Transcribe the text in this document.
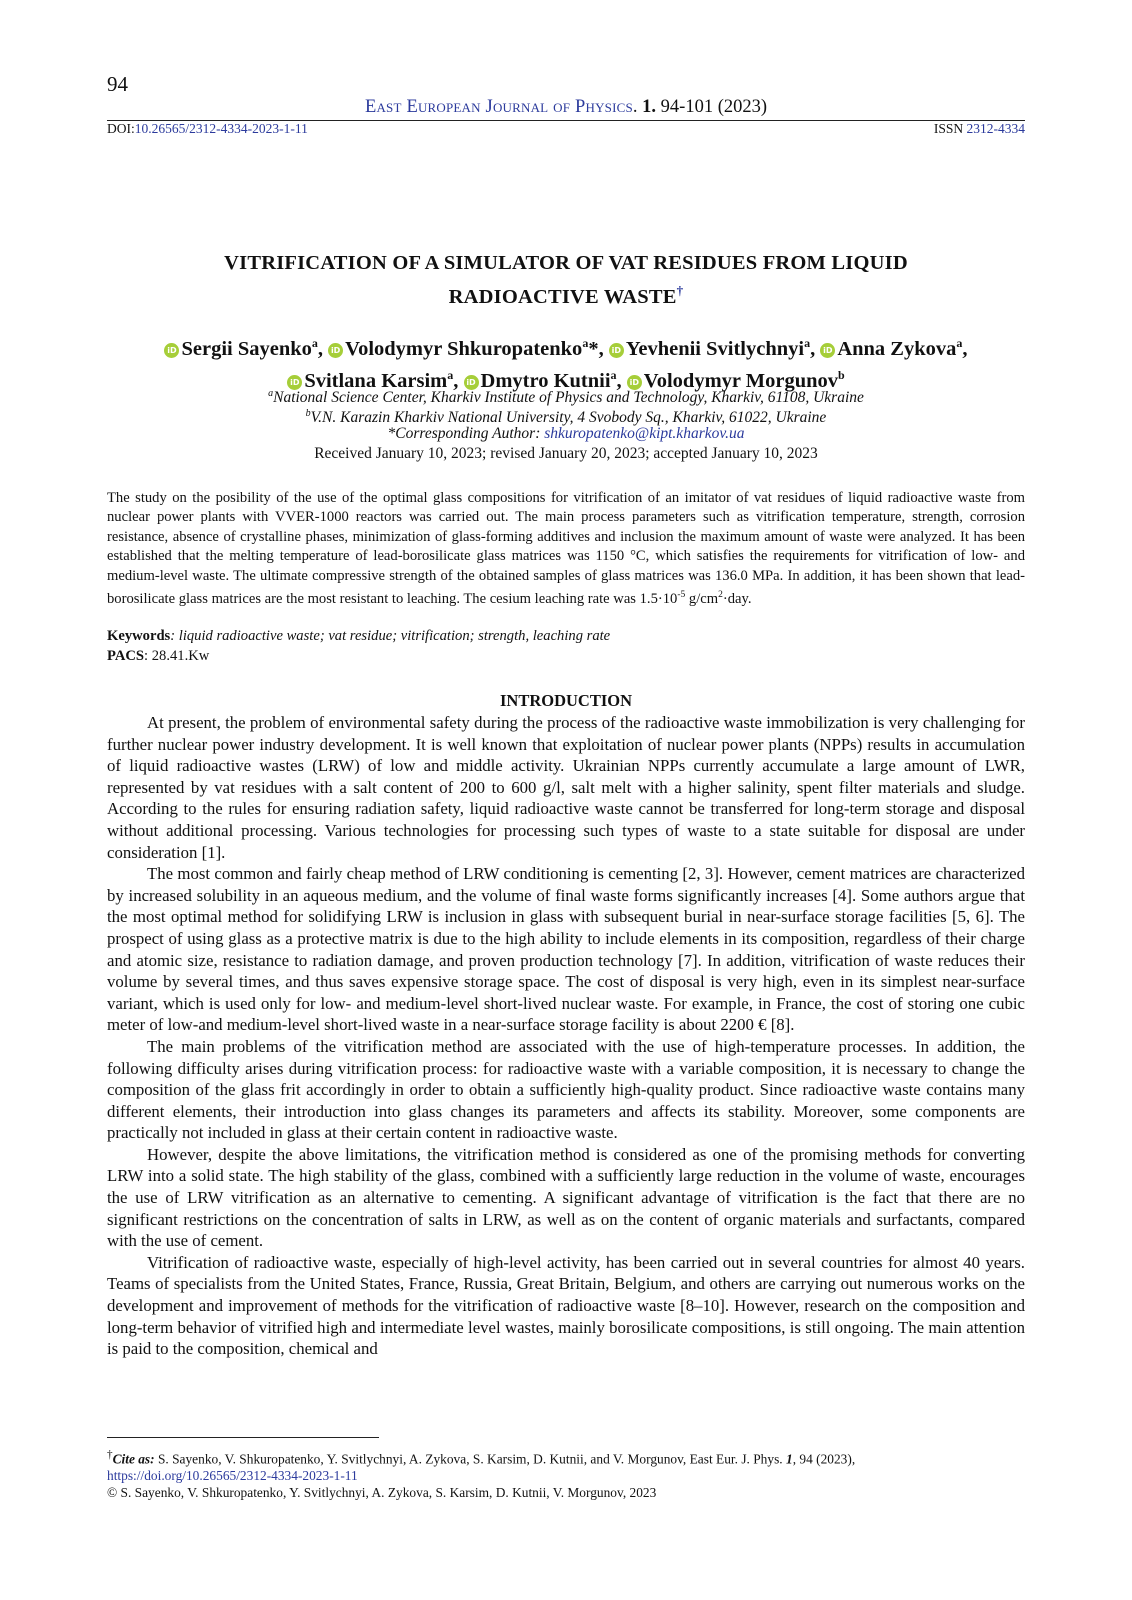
94
East European Journal of Physics. 1. 94-101 (2023)
DOI:10.26565/2312-4334-2023-1-11	ISSN 2312-4334
VITRIFICATION OF A SIMULATOR OF VAT RESIDUES FROM LIQUID
RADIOACTIVE WASTE†
iD Sergii Sayenko$^a$, iD Volodymyr Shkuropatenko$^a$*, iD Yevhenii Svitlychnyi$^a$, iD Anna Zykova$^a$,
iD Svitlana Karsim$^a$, iD Dmytro Kutnii$^a$, iD Volodymyr Morgunov$^b$
$^a$National Science Center, Kharkiv Institute of Physics and Technology, Kharkiv, 61108, Ukraine
$^b$V.N. Karazin Kharkiv National University, 4 Svobody Sq., Kharkiv, 61022, Ukraine
*Corresponding Author: shkuropatenko@kipt.kharkov.ua
Received January 10, 2023; revised January 20, 2023; accepted January 10, 2023

The study on the posibility of the use of the optimal glass compositions for vitrification of an imitator of vat residues of liquid radioactive waste from nuclear power plants with VVER-1000 reactors was carried out. The main process parameters such as vitrification temperature, strength, corrosion resistance, absence of crystalline phases, minimization of glass-forming additives and inclusion the maximum amount of waste were analyzed. It has been established that the melting temperature of lead-borosilicate glass matrices was 1150 °C, which satisfies the requirements for vitrification of low- and medium-level waste. The ultimate compressive strength of the obtained samples of glass matrices was 136.0 MPa. In addition, it has been shown that lead-borosilicate glass matrices are the most resistant to leaching. The cesium leaching rate was $1.5\cdot 10^{-5}$ $g/cm^2\cdot day$.

Keywords: liquid radioactive waste; vat residue; vitrification; strength, leaching rate
PACS: 28.41.Kw
INTRODUCTION

At present, the problem of environmental safety during the process of the radioactive waste immobilization is very challenging for further nuclear power industry development. It is well known that exploitation of nuclear power plants (NPPs) results in accumulation of liquid radioactive wastes (LRW) of low and middle activity. Ukrainian NPPs currently accumulate a large amount of LWR, represented by vat residues with a salt content of 200 to 600 g/l, salt melt with a higher salinity, spent filter materials and sludge. According to the rules for ensuring radiation safety, liquid radioactive waste cannot be transferred for long-term storage and disposal without additional processing. Various technologies for processing such types of waste to a state suitable for disposal are under consideration [1].

The most common and fairly cheap method of LRW conditioning is cementing [2, 3]. However, cement matrices are characterized by increased solubility in an aqueous medium, and the volume of final waste forms significantly increases [4]. Some authors argue that the most optimal method for solidifying LRW is inclusion in glass with subsequent burial in near-surface storage facilities [5, 6]. The prospect of using glass as a protective matrix is due to the high ability to include elements in its composition, regardless of their charge and atomic size, resistance to radiation damage, and proven production technology [7]. In addition, vitrification of waste reduces their volume by several times, and thus saves expensive storage space. The cost of disposal is very high, even in its simplest near-surface variant, which is used only for low- and medium-level short-lived nuclear waste. For example, in France, the cost of storing one cubic meter of low-and medium-level short-lived waste in a near-surface storage facility is about 2200 € [8].

The main problems of the vitrification method are associated with the use of high-temperature processes. In addition, the following difficulty arises during vitrification process: for radioactive waste with a variable composition, it is necessary to change the composition of the glass frit accordingly in order to obtain a sufficiently high-quality product. Since radioactive waste contains many different elements, their introduction into glass changes its parameters and affects its stability. Moreover, some components are practically not included in glass at their certain content in radioactive waste.

However, despite the above limitations, the vitrification method is considered as one of the promising methods for converting LRW into a solid state. The high stability of the glass, combined with a sufficiently large reduction in the volume of waste, encourages the use of LRW vitrification as an alternative to cementing. A significant advantage of vitrification is the fact that there are no significant restrictions on the concentration of salts in LRW, as well as on the content of organic materials and surfactants, compared with the use of cement.

Vitrification of radioactive waste, especially of high-level activity, has been carried out in several countries for almost 40 years. Teams of specialists from the United States, France, Russia, Great Britain, Belgium, and others are carrying out numerous works on the development and improvement of methods for the vitrification of radioactive waste [8–10]. However, research on the composition and long-term behavior of vitrified high and intermediate level wastes, mainly borosilicate compositions, is still ongoing. The main attention is paid to the composition, chemical and

†Cite as: S. Sayenko, V. Shkuropatenko, Y. Svitlychnyi, A. Zykova, S. Karsim, D. Kutnii, and V. Morgunov, East Eur. J. Phys. 1, 94 (2023),
https://doi.org/10.26565/2312-4334-2023-1-11

© S. Sayenko, V. Shkuropatenko, Y. Svitlychnyi, A. Zykova, S. Karsim, D. Kutnii, V. Morgunov, 2023
